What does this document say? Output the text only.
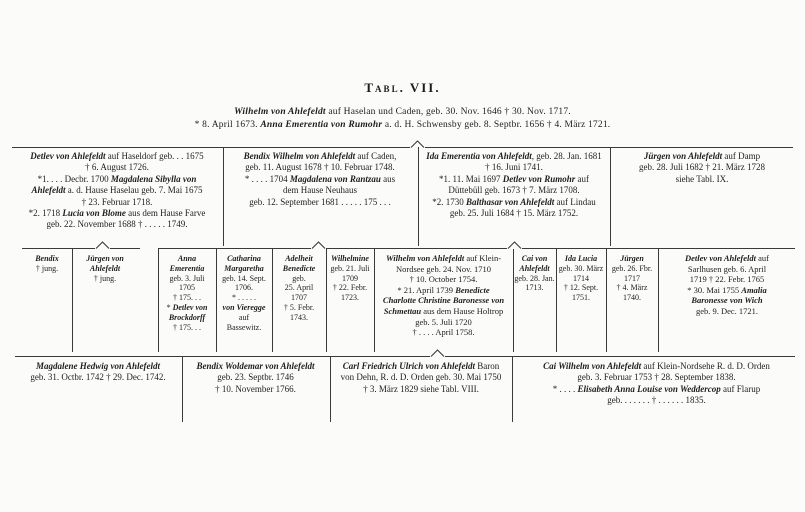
Tabl. VII.
Wilhelm von Ahlefeldt auf Haselan und Caden, geb. 30. Nov. 1646 † 30. Nov. 1717.
* 8. April 1673. Anna Emerentia von Rumohr a. d. H. Schwensby geb. 8. Septbr. 1656 † 4. März 1721.
Detlev von Ahlefeldt auf Haseldorf geb. . . 1675
† 6. August 1726.
*1. . . . Decbr. 1700 Magdalena Sibylla von
Ahlefeldt a. d. Hause Haselau geb. 7. Mai 1675
† 23. Februar 1718.
*2. 1718 Lucia von Blome aus dem Hause Farve
geb. 22. November 1688 † . . . . . 1749.
Bendix Wilhelm von Ahlefeldt auf Caden,
geb. 11. August 1678 † 10. Februar 1748.
* . . . . 1704 Magdalena von Rantzau aus
dem Hause Neuhaus
geb. 12. September 1681 . . . . . 175 . . .
Ida Emerentia von Ahlefeldt, geb. 28. Jan. 1681
† 16. Juni 1741.
*1. 11. Mai 1697 Detlev von Rumohr auf
Düttebüll geb. 1673 † 7. März 1708.
*2. 1730 Balthasar von Ahlefeldt auf Lindau
geb. 25. Juli 1684 † 15. März 1752.
Jürgen von Ahlefeldt auf Damp
geb. 28. Juli 1682 † 21. März 1728
siehe Tabl. IX.
Bendix
† jung.
Jürgen von
Ahlefeldt
† jung.
Anna
Emerentia
geb. 3. Juli
1705
† 175. . .
* Detlev von
Brockdorff
† 175. . .
Catharina
Margaretha
geb. 14. Sept.
1706.
* . . . . .
von Vieregge
auf
Bassewitz.
Adelheit
Benedicte
geb.
25. April
1707
† 5. Febr.
1743.
Wilhelmine
geb. 21. Juli
1709
† 22. Febr.
1723.
Wilhelm von Ahlefeldt auf Klein-
Nordsee geb. 24. Nov. 1710
† 10. October 1754.
* 21. April 1739 Benedicte
Charlotte Christine Baronesse von
Schmettau aus dem Hause Holtrop
geb. 5. Juli 1720
† . . . . April 1758.
Cai von
Ahlefeldt
geb. 28. Jan.
1713.
Ida Lucia
geb. 30. März
1714
† 12. Sept.
1751.
Jürgen
geb. 26. Fbr.
1717
† 4. März
1740.
Detlev von Ahlefeldt auf
Sarlhusen geb. 6. April
1719 † 22. Febr. 1765
* 30. Mai 1755 Amalia
Baronesse von Wich
geb. 9. Dec. 1721.
Magdalene Hedwig von Ahlefeldt
geb. 31. Octbr. 1742 † 29. Dec. 1742.
Bendix Woldemar von Ahlefeldt
geb. 23. Septbr. 1746
† 10. November 1766.
Carl Friedrich Ulrich von Ahlefeldt Baron
von Dehn, R. d. D. Orden geb. 30. Mai 1750
† 3. März 1829 siehe Tabl. VIII.
Cai Wilhelm von Ahlefeldt auf Klein-Nordsehe R. d. D. Orden
geb. 3. Februar 1753 † 28. September 1838.
* . . . . Elisabeth Anna Louise von Weddercop auf Flarup
geb. . . . . . . † . . . . . . 1835.
